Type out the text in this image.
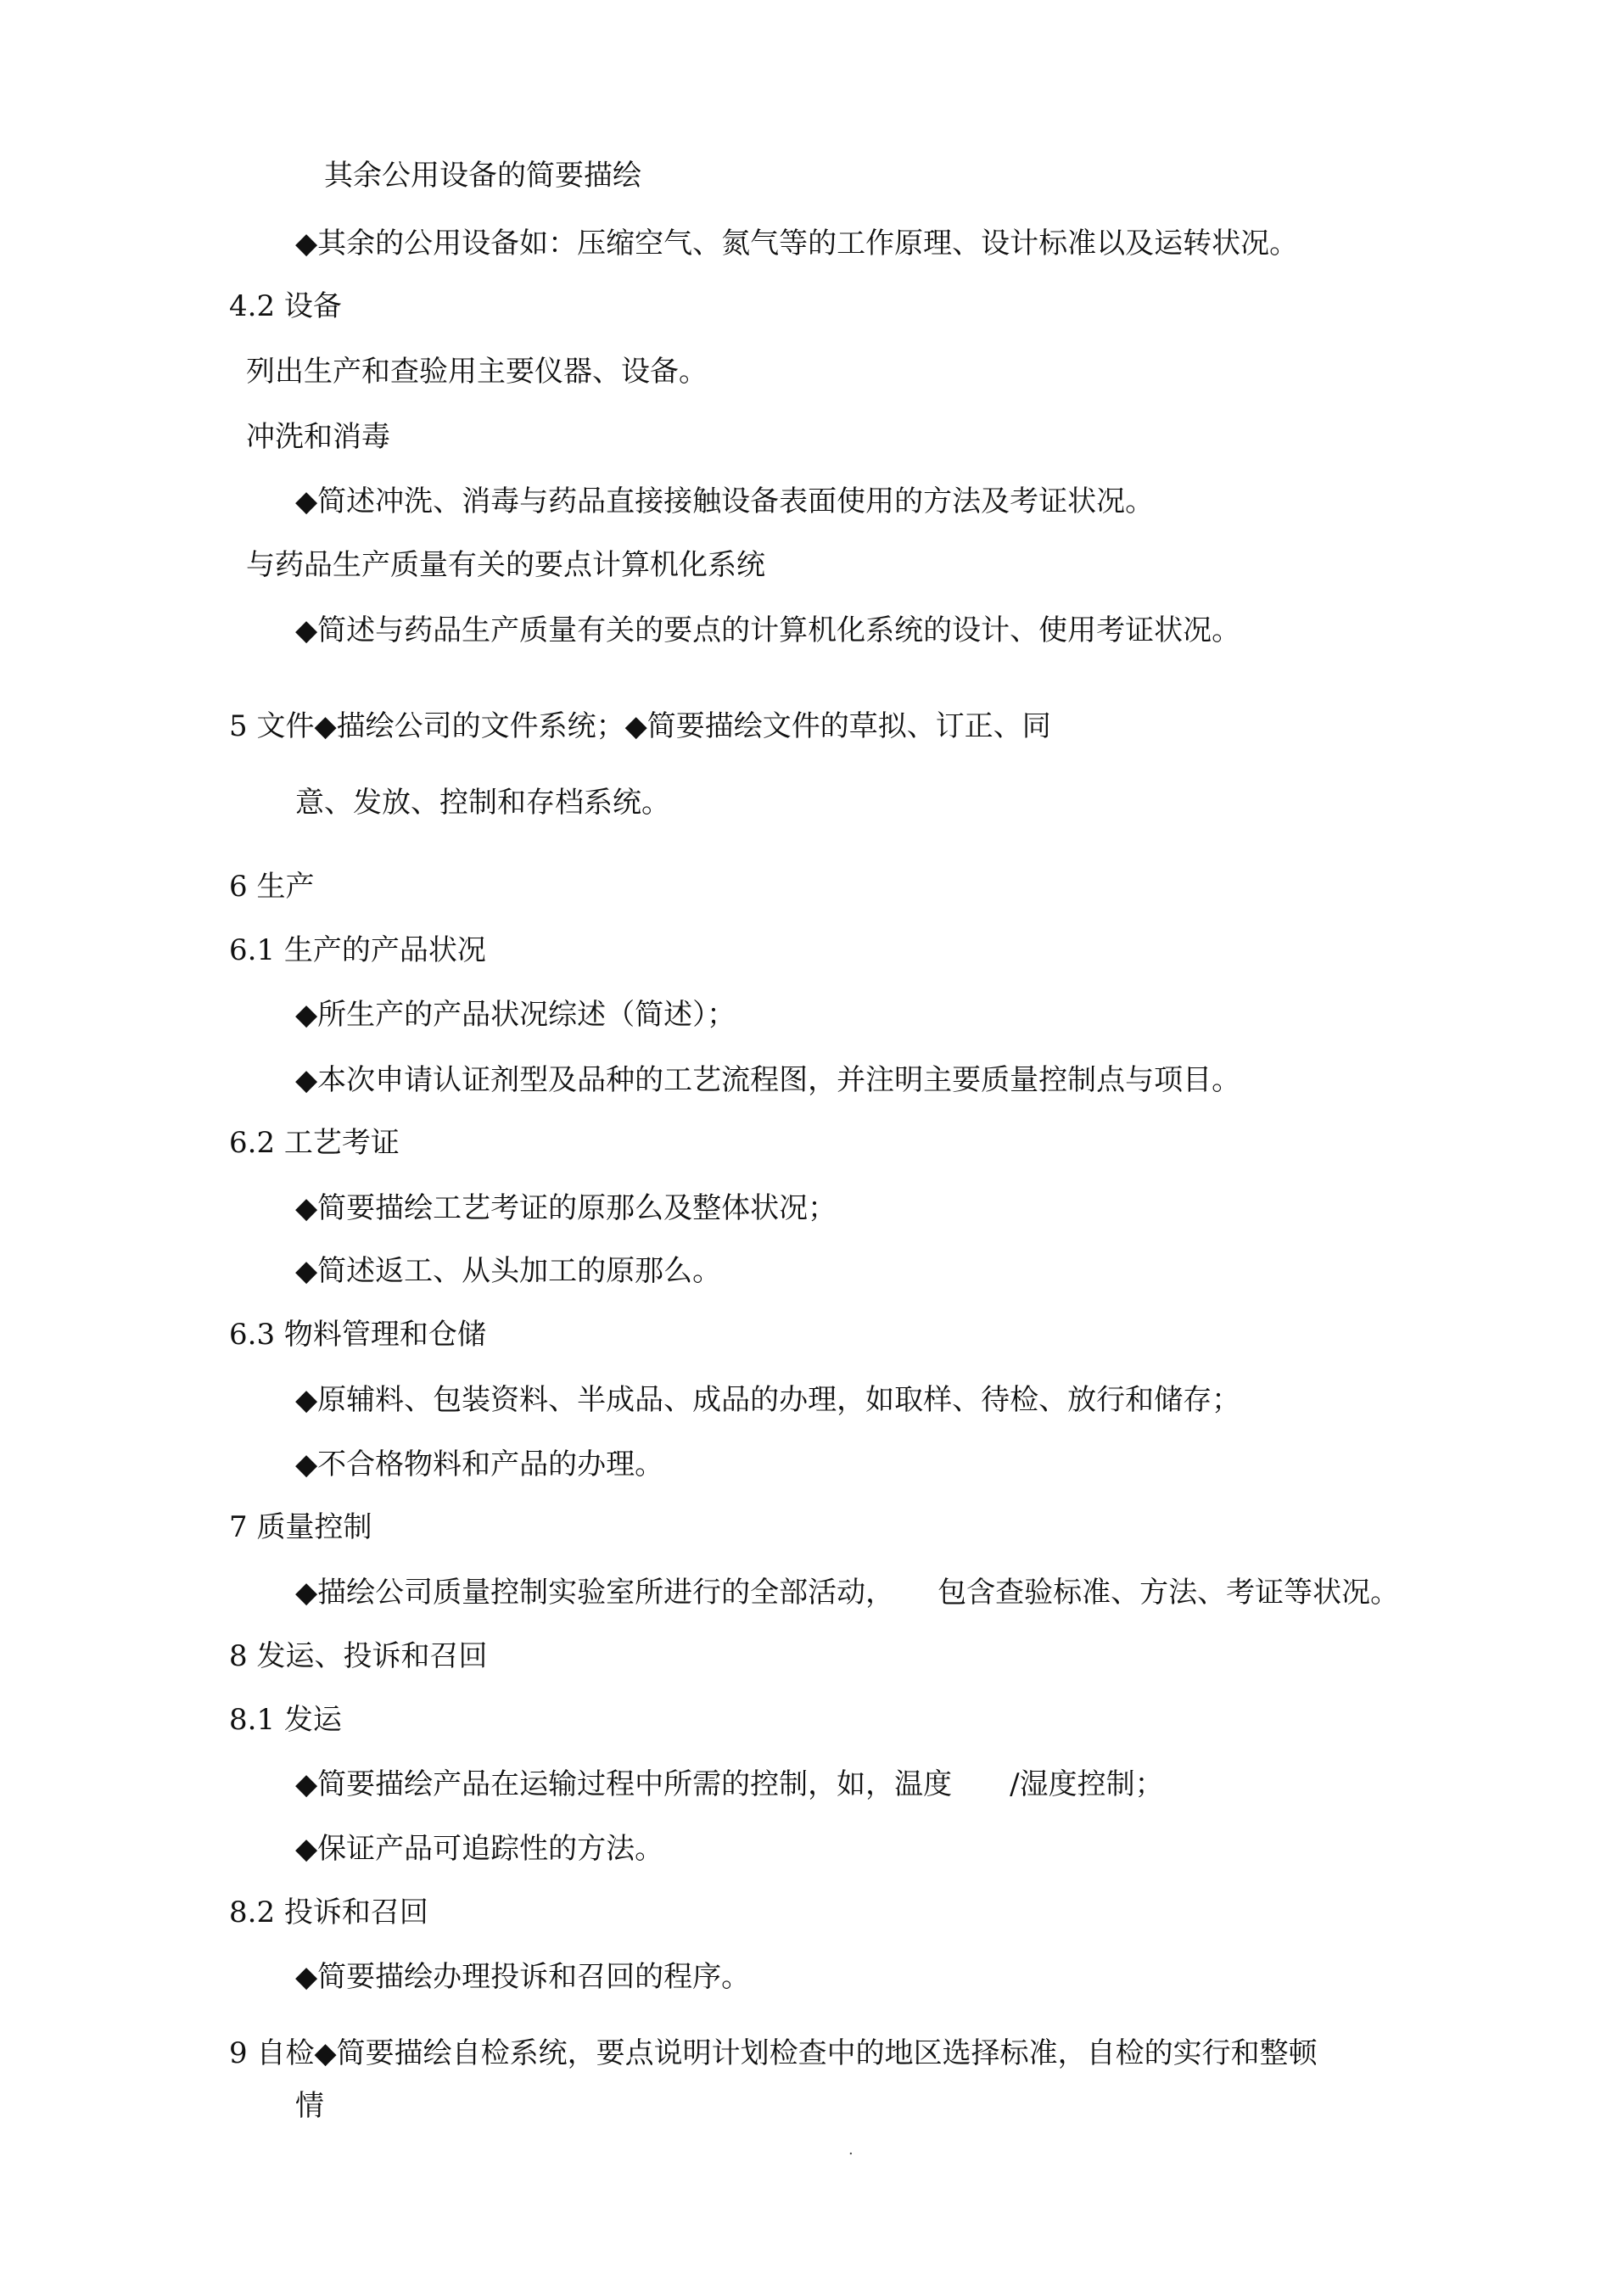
其余公用设备的简要描绘
◆其余的公用设备如：压缩空气、氮气等的工作原理、设计标准以及运转状况。
4.2 设备
列出生产和查验用主要仪器、设备。
冲洗和消毒
◆简述冲洗、消毒与药品直接接触设备表面使用的方法及考证状况。
与药品生产质量有关的要点计算机化系统
◆简述与药品生产质量有关的要点的计算机化系统的设计、使用考证状况。
5 文件◆描绘公司的文件系统；◆简要描绘文件的草拟、订正、同
意、发放、控制和存档系统。
6 生产
6.1 生产的产品状况
◆所生产的产品状况综述（简述）；
◆本次申请认证剂型及品种的工艺流程图，并注明主要质量控制点与项目。
6.2 工艺考证
◆简要描绘工艺考证的原那么及整体状况；
◆简述返工、从头加工的原那么。
6.3 物料管理和仓储
◆原辅料、包装资料、半成品、成品的办理，如取样、待检、放行和储存；
◆不合格物料和产品的办理。
7 质量控制
◆描绘公司质量控制实验室所进行的全部活动，　　包含查验标准、方法、考证等状况。
8 发运、投诉和召回
8.1 发运
◆简要描绘产品在运输过程中所需的控制，如，温度　　/湿度控制；
◆保证产品可追踪性的方法。
8.2 投诉和召回
◆简要描绘办理投诉和召回的程序。
9 自检◆简要描绘自检系统，要点说明计划检查中的地区选择标准，自检的实行和整顿
情
.
